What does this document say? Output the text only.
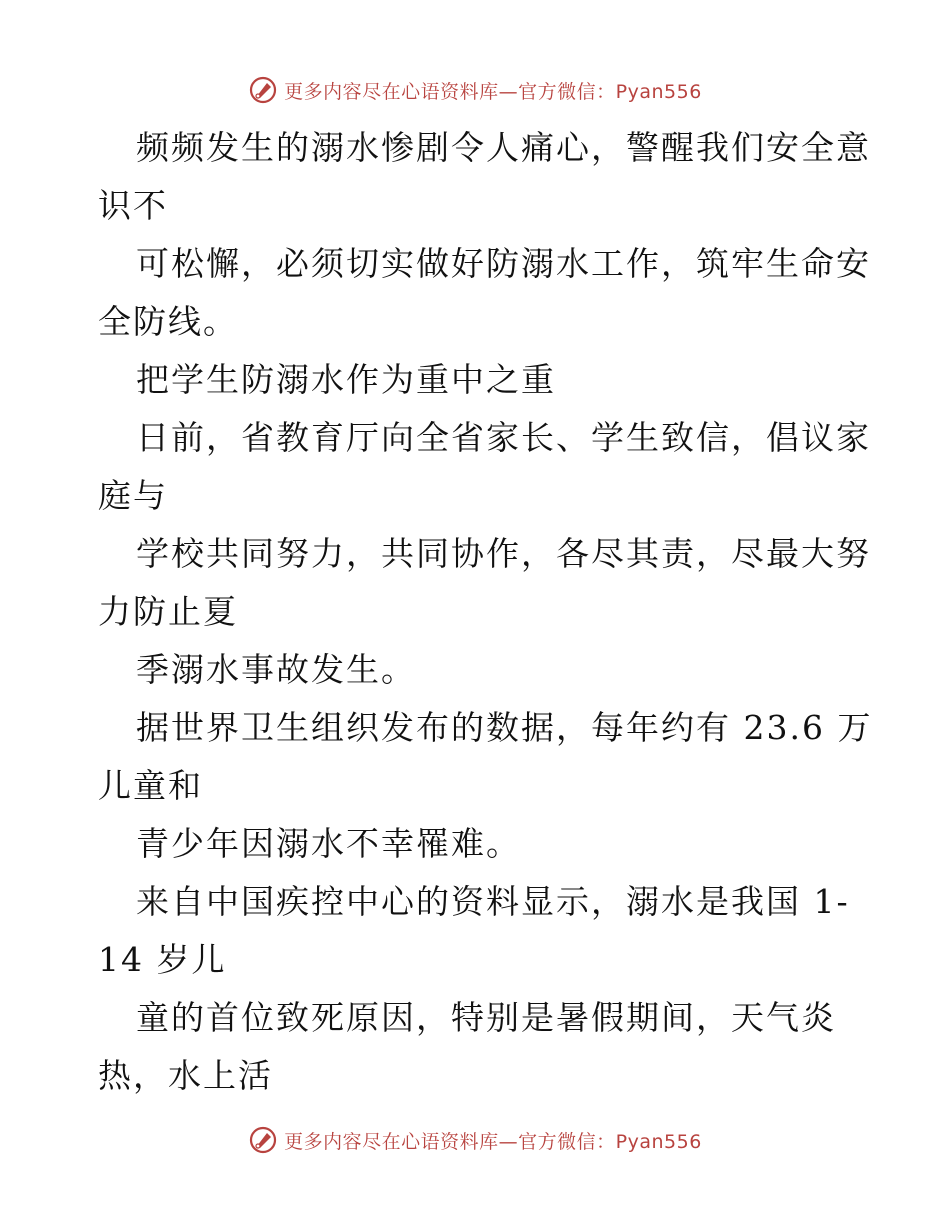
更多内容尽在心语资料库—官方微信：Pyan556
频频发生的溺水惨剧令人痛心，警醒我们安全意
识不
可松懈，必须切实做好防溺水工作，筑牢生命安
全防线。
把学生防溺水作为重中之重
日前，省教育厅向全省家长、学生致信，倡议家
庭与
学校共同努力，共同协作，各尽其责，尽最大努
力防止夏
季溺水事故发生。
据世界卫生组织发布的数据，每年约有 23.6 万
儿童和
青少年因溺水不幸罹难。
来自中国疾控中心的资料显示，溺水是我国 1-
14 岁儿
童的首位致死原因，特别是暑假期间，天气炎
热，水上活
更多内容尽在心语资料库—官方微信：Pyan556
